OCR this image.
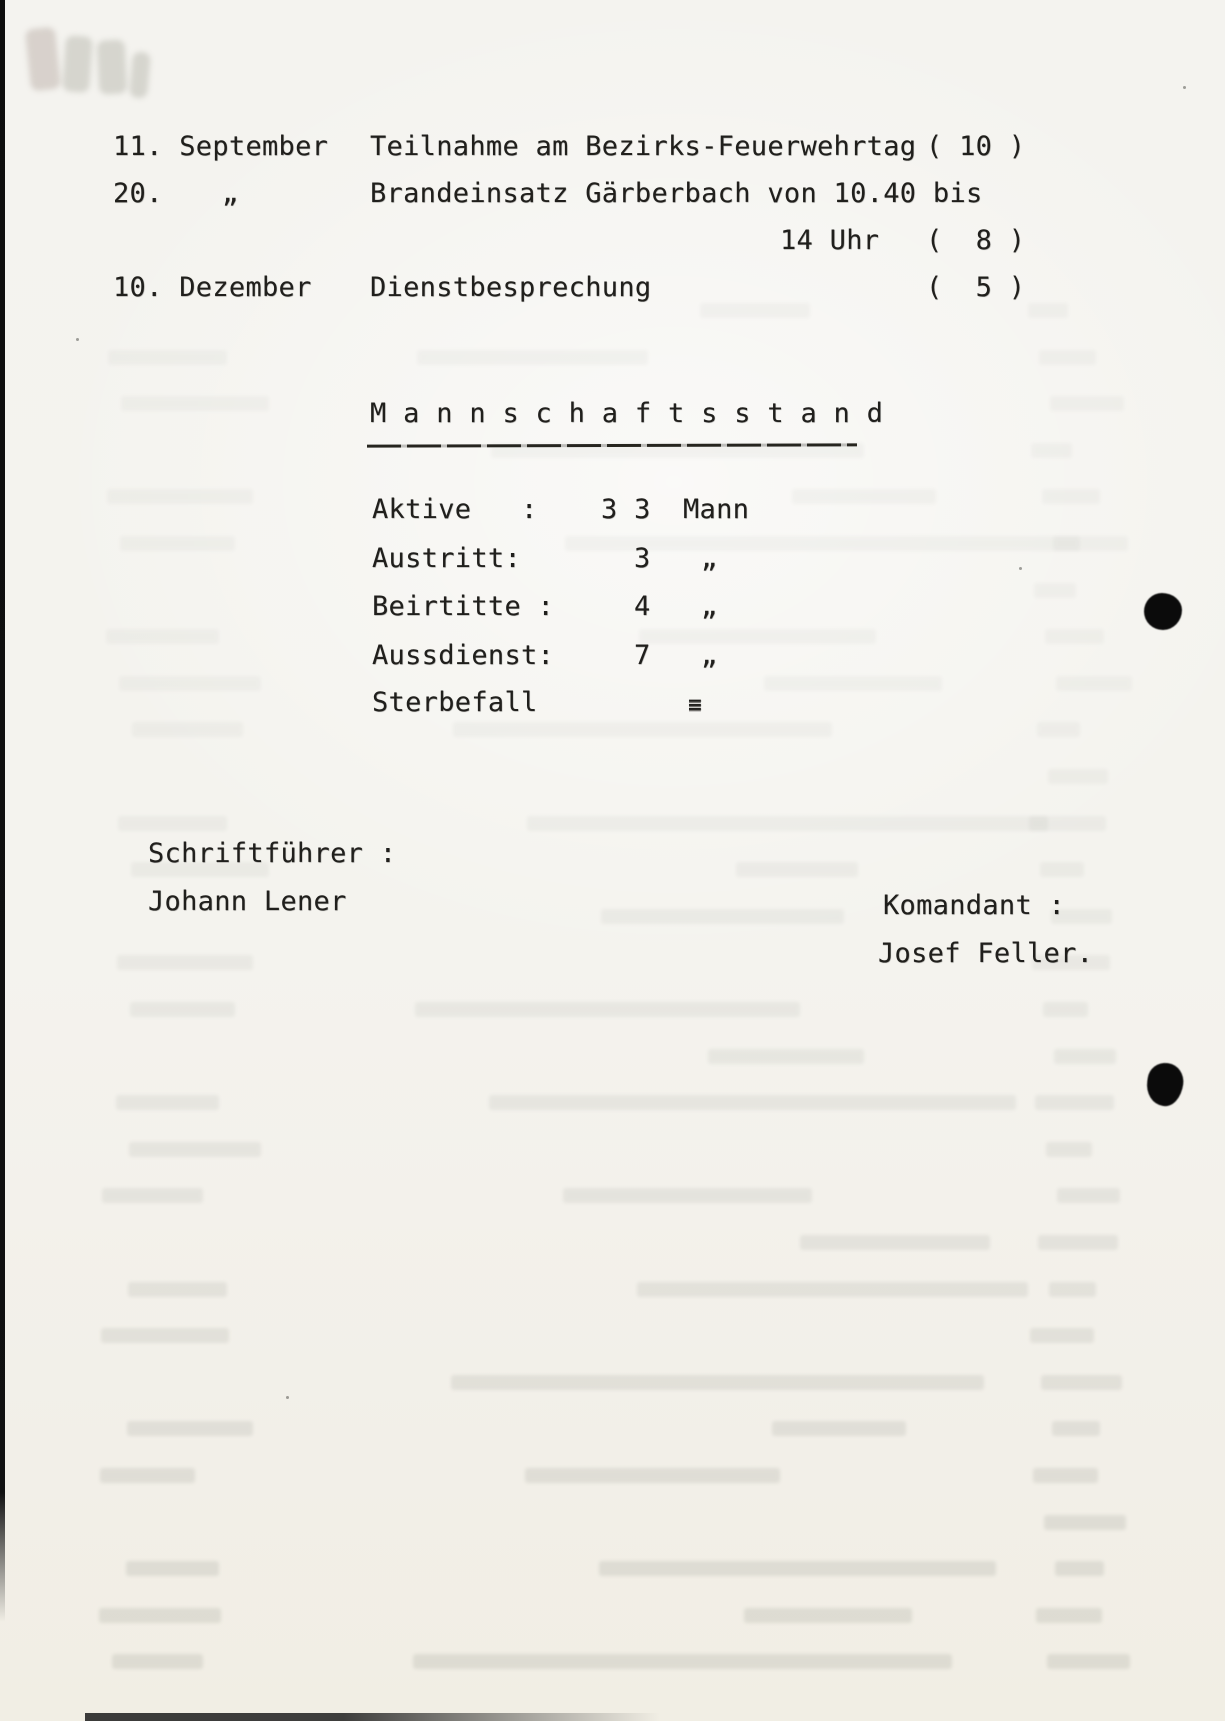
11. September Teilnahme am Bezirks-Feuerwehrtag ( 10 )
20. „	Brandeinsatz Gärberbach von 10.40 bis
14 Uhr (  8 )
10. Dezember Dienstbesprechung	(  5 )
M a n n s c h a f t s s t a n d
Aktive   : 3 3 Mann
Austritt:	3 „
Beirtitte :	4 „
Aussdienst:	7 „
Sterbefall	≡
Schriftführer :
Johann Lener	Komandant :
Josef Feller.
